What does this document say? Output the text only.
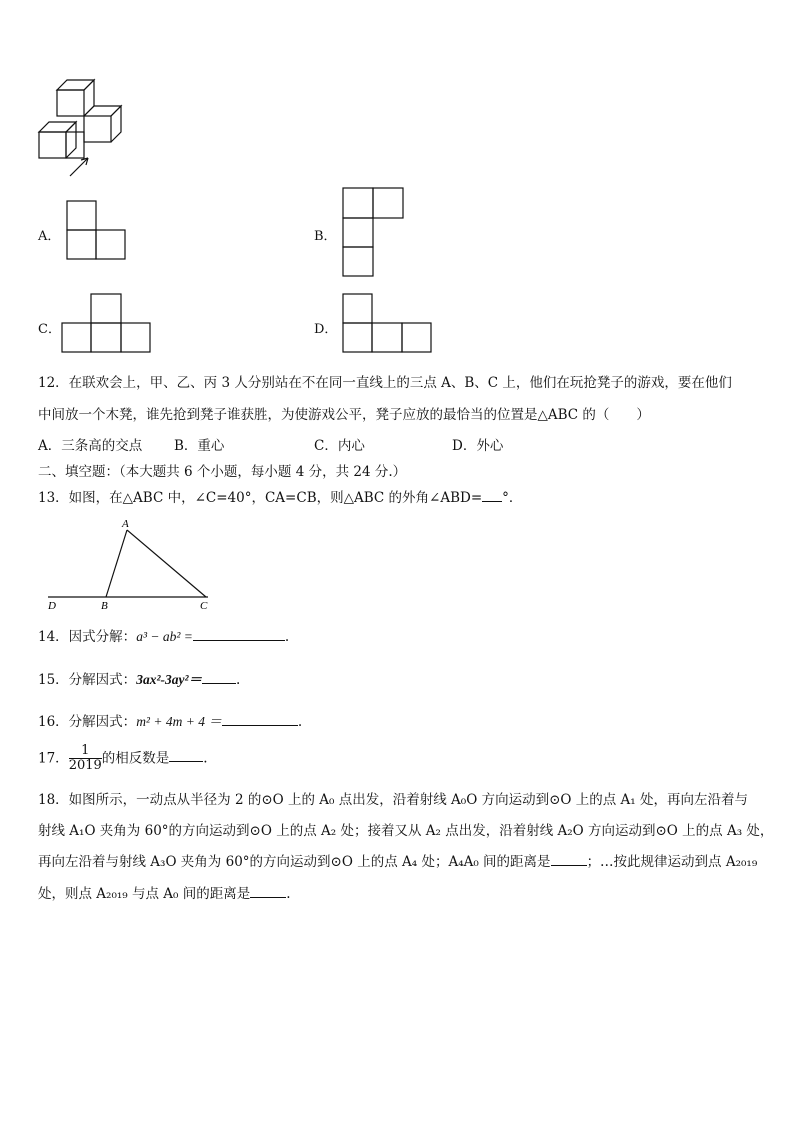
A．	B．
C．	D．
12．在联欢会上，甲、乙、丙 3 人分别站在不在同一直线上的三点 A、B、C 上，他们在玩抢凳子的游戏，要在他们
中间放一个木凳，谁先抢到凳子谁获胜，为使游戏公平，凳子应放的最恰当的位置是△ABC 的（　　）
A．三条高的交点 B．重心	C．内心	D．外心
二、填空题：（本大题共 6 个小题，每小题 4 分，共 24 分.）
13．如图，在△ABC 中，∠C=40°，CA=CB，则△ABC 的外角∠ABD= °．
A
D	B	C
14．因式分解：a³ − ab² =	.
15．分解因式：3ax²-3ay²＝	.
16．分解因式：m² + 4m + 4 ＝	.
17． $\frac{1}{2019}$ 的相反数是	.
18．如图所示，一动点从半径为 2 的⊙O 上的 A₀ 点出发，沿着射线 A₀O 方向运动到⊙O 上的点 A₁ 处，再向左沿着与
射线 A₁O 夹角为 60°的方向运动到⊙O 上的点 A₂ 处；接着又从 A₂ 点出发，沿着射线 A₂O 方向运动到⊙O 上的点 A₃ 处，
再向左沿着与射线 A₃O 夹角为 60°的方向运动到⊙O 上的点 A₄ 处；A₄A₀ 间的距离是	；…按此规律运动到点 A₂₀₁₉
处，则点 A₂₀₁₉ 与点 A₀ 间的距离是	.
